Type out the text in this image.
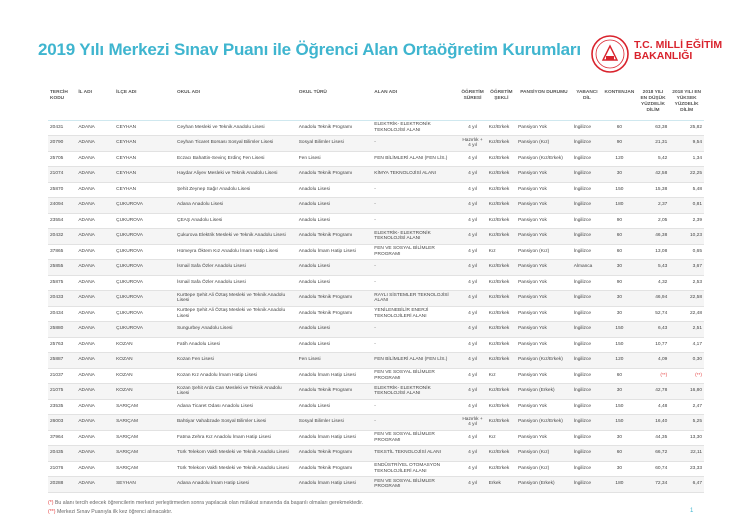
2019 Yılı Merkezi Sınav Puanı ile Öğrenci Alan Ortaöğretim Kurumları	T.C. MİLLİ EĞİTİM
BAKANLIĞI
TERCİH KODU	İL ADI	İLÇE ADI	OKUL ADI	OKUL TÜRÜ	ALAN ADI	ÖĞRETİM SÜRESİ	ÖĞRETİM ŞEKLİ	PANSİYON DURUMU	YABANCI DİL	KONTENJAN	2018 YILI EN DÜŞÜK YÜZDELİK DİLİM	2018 YILI EN YÜKSEK YÜZDELİK DİLİM
20431	ADANA	CEYHAN	Ceyhan Mesleki ve Teknik Anadolu Lisesi	Anadolu Teknik Programı	ELEKTRİK- ELEKTRONİK TEKNOLOJİSİ ALANI	4 yıl	Kız/Erkek	Pansiyon Yok	İngilizce	60	63,38	25,82
20790	ADANA	CEYHAN	Ceyhan Ticaret Borsası Sosyal Bilimler Lisesi	Sosyal Bilimler Lisesi	-	Hazırlık + 4 yıl	Kız/Erkek	Pansiyon (Kız)	İngilizce	90	21,31	9,54
25705	ADANA	CEYHAN	Eczacı Bahattin-Sevinç Erdinç Fen Lisesi	Fen Lisesi	FEN BİLİMLERİ ALANI (FEN LİS.)	4 yıl	Kız/Erkek	Pansiyon (Kız/Erkek)	İngilizce	120	5,42	1,34
21074	ADANA	CEYHAN	Haydar Aliyev Mesleki ve Teknik Anadolu Lisesi	Anadolu Teknik Programı	KİMYA TEKNOLOJİSİ ALANI	4 yıl	Kız/Erkek	Pansiyon Yok	İngilizce	30	42,58	22,25
25870	ADANA	CEYHAN	Şehit Zeynep Sağır Anadolu Lisesi	Anadolu Lisesi	-	4 yıl	Kız/Erkek	Pansiyon Yok	İngilizce	150	15,38	5,48
24094	ADANA	ÇUKUROVA	Adana Anadolu Lisesi	Anadolu Lisesi	-	4 yıl	Kız/Erkek	Pansiyon Yok	İngilizce	180	2,37	0,81
23554	ADANA	ÇUKUROVA	ÇEAŞ Anadolu Lisesi	Anadolu Lisesi	-	4 yıl	Kız/Erkek	Pansiyon Yok	İngilizce	90	2,05	2,39
20432	ADANA	ÇUKUROVA	Çukurova Elektrik Mesleki ve Teknik Anadolu Lisesi	Anadolu Teknik Programı	ELEKTRİK- ELEKTRONİK TEKNOLOJİSİ ALANI	4 yıl	Kız/Erkek	Pansiyon Yok	İngilizce	60	46,38	10,23
37865	ADANA	ÇUKUROVA	Hümeyra Öktem Kız Anadolu İmam Hatip Lisesi	Anadolu İmam Hatip Lisesi	FEN VE SOSYAL BİLİMLER PROGRAMI	4 yıl	Kız	Pansiyon (Kız)	İngilizce	60	13,08	0,65
25855	ADANA	ÇUKUROVA	İsmail Safa Özler Anadolu Lisesi	Anadolu Lisesi	-	4 yıl	Kız/Erkek	Pansiyon Yok	Almanca	30	5,43	3,67
25875	ADANA	ÇUKUROVA	İsmail Safa Özler Anadolu Lisesi	Anadolu Lisesi	-	4 yıl	Kız/Erkek	Pansiyon Yok	İngilizce	90	4,32	2,53
20433	ADANA	ÇUKUROVA	Kurttepe Şehit Ali Öztaş Mesleki ve Teknik Anadolu Lisesi	Anadolu Teknik Programı	RAYLI SİSTEMLER TEKNOLOJİSİ ALANI	4 yıl	Kız/Erkek	Pansiyon Yok	İngilizce	30	46,94	22,58
20434	ADANA	ÇUKUROVA	Kurttepe Şehit Ali Öztaş Mesleki ve Teknik Anadolu Lisesi	Anadolu Teknik Programı	YENİLENEBİLİR ENERJİ TEKNOLOJİLERİ ALANI	4 yıl	Kız/Erkek	Pansiyon Yok	İngilizce	30	52,74	22,48
25880	ADANA	ÇUKUROVA	Sungurbey Anadolu Lisesi	Anadolu Lisesi	-	4 yıl	Kız/Erkek	Pansiyon Yok	İngilizce	150	6,43	2,51
25763	ADANA	KOZAN	Fatih Anadolu Lisesi	Anadolu Lisesi	-	4 yıl	Kız/Erkek	Pansiyon Yok	İngilizce	150	10,77	4,17
25887	ADANA	KOZAN	Kozan Fen Lisesi	Fen Lisesi	FEN BİLİMLERİ ALANI (FEN LİS.)	4 yıl	Kız/Erkek	Pansiyon (Kız/Erkek)	İngilizce	120	4,09	0,30
21037	ADANA	KOZAN	Kozan Kız Anadolu İmam Hatip Lisesi	Anadolu İmam Hatip Lisesi	FEN VE SOSYAL BİLİMLER PROGRAMI	4 yıl	Kız	Pansiyon Yok	İngilizce	60	(**)	(**)
21075	ADANA	KOZAN	Kozan Şehit Arda Can Mesleki ve Teknik Anadolu Lisesi	Anadolu Teknik Programı	ELEKTRİK- ELEKTRONİK TEKNOLOJİSİ ALANI	4 yıl	Kız/Erkek	Pansiyon (Erkek)	İngilizce	30	42,78	16,80
23535	ADANA	SARIÇAM	Adana Ticaret Odası Anadolu Lisesi	Anadolu Lisesi	-	4 yıl	Kız/Erkek	Pansiyon Yok	İngilizce	150	4,48	2,47
26003	ADANA	SARIÇAM	Bahtiyar Vahabzade Sosyal Bilimler Lisesi	Sosyal Bilimler Lisesi	-	Hazırlık + 4 yıl	Kız/Erkek	Pansiyon (Kız/Erkek)	İngilizce	150	16,40	5,25
37964	ADANA	SARIÇAM	Fatma Zehra Kız Anadolu İmam Hatip Lisesi	Anadolu İmam Hatip Lisesi	FEN VE SOSYAL BİLİMLER PROGRAMI	4 yıl	Kız	Pansiyon Yok	İngilizce	30	44,35	13,30
20435	ADANA	SARIÇAM	Türk Telekom Vakfı Mesleki ve Teknik Anadolu Lisesi	Anadolu Teknik Programı	TEKSTİL TEKNOLOJİSİ ALANI	4 yıl	Kız/Erkek	Pansiyon (Kız)	İngilizce	60	66,72	22,11
21076	ADANA	SARIÇAM	Türk Telekom Vakfı Mesleki ve Teknik Anadolu Lisesi	Anadolu Teknik Programı	ENDÜSTRİYEL OTOMASYON TEKNOLOJİLERİ ALANI	4 yıl	Kız/Erkek	Pansiyon (Kız)	İngilizce	30	60,74	23,33
20288	ADANA	SEYHAN	Adana Anadolu İmam Hatip Lisesi	Anadolu İmam Hatip Lisesi	FEN VE SOSYAL BİLİMLER PROGRAMI	4 yıl	Erkek	Pansiyon (Erkek)	İngilizce	180	72,34	6,47
(*) Bu alanı tercih edecek öğrencilerin merkezi yerleştirmeden sonra yapılacak olan mülakat sınavında da başarılı olmaları gerekmektedir.
(**) Merkezi Sınav Puanıyla ilk kez öğrenci alınacaktır.	1
